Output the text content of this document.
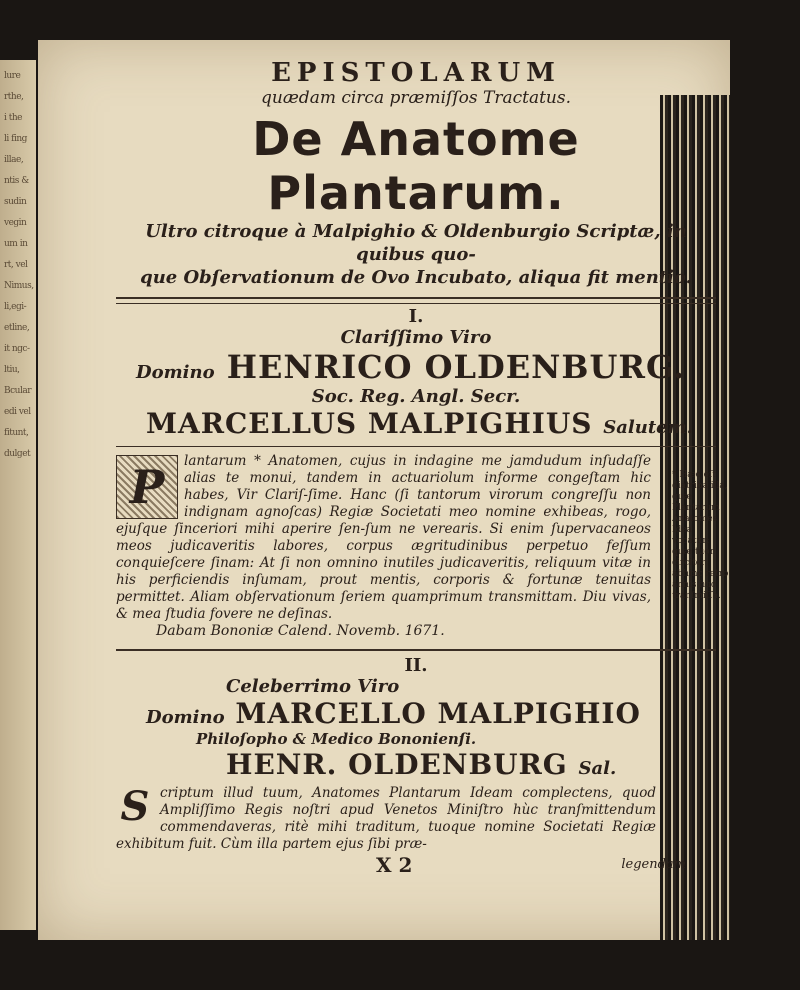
lure
rthe,
i the
li fing
illae,
ntis &
sudin
vegin
um in
rt, vel
Nimus,
li,egi-
etline,
it ngc-
ltiu,
Bcular
edi vel
fitunt,
dulget
EPISTOLARUM
quædam circa præmiſſos Tractatus.
De Anatome Plantarum.
Ultro citroque à Malpighio & Oldenburgio Scriptæ, in quibus quo-
que Obſervationum de Ovo Incubato, aliqua fit mentio.
I.
Clariſſimo Viro
Domino HENRICO OLDENBURG.
Soc. Reg. Angl. Secr.
MARCELLUS MALPIGHIUS Salutem.
P	lantarum * Anatomen, cujus in indagine me jamdudum inſudaſſe alias te monui, tandem in actuariolum informe congeſtam hic habes, Vir Clariſ-ſime. Hanc (ſi tantorum virorum congreſſu non indignam agnoſcas) Regiæ Societati meo nomine exhibeas, rogo, ejuſque ſinceriori mihi aperire ſen-ſum ne verearis. Si enim ſupervacaneos meos judicaveritis labores, corpus ægritudinibus perpetuo feſſum conquieſcere ſinam: At ſi non omnino inutiles judicaveritis, reliquum vitæ in his perficiendis inſumam, prout mentis, corporis & fortunæ tenuitas permittet. Aliam obſervationum ſeriem quamprimum transmittam. Diu vivas, & mea ſtudia fovere ne deſinas.
Dabam Bononiæ Calend. Novemb. 1671.
II.
Celeberrimo Viro
Domino MARCELLO MALPIGHIO
Philoſopho & Medico Bononienſi.
HENR. OLDENBURG Sal.
S criptum illud tuum, Anatomes Plantarum Ideam complectens, quod Ampliſſimo Regis noſtri apud Venetos Miniſtro hùc tranſmittendum commendaveras, ritè mihi traditum, tuoque nomine Societati Regiæ exhibitum fuit. Cùm illa partem ejus ſibi præ-
X 2	legendam
* Hæc eſt diatriba illa, quæ Plantarum Anatomes Idea vocatur; quæ tuor circiter abhinc retro annis huc tranſmiſſa.
